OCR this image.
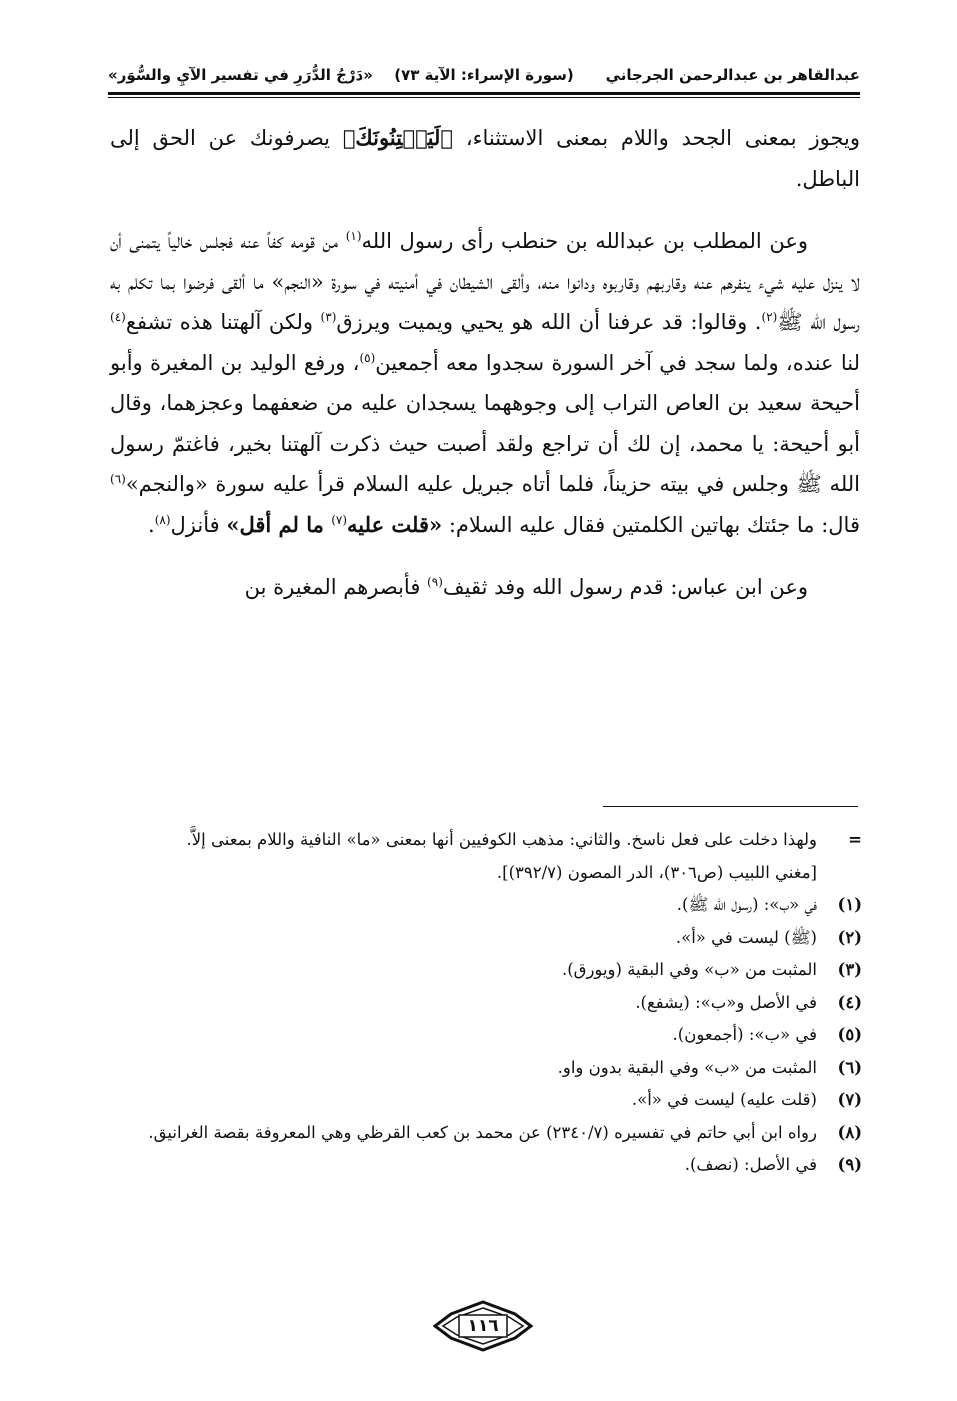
عبدالقاهر بن عبدالرحمن الجرجاني
(سورة الإسراء: الآية ٧٣)
«دَرْجُ الدُّرَرِ في تفسير الآيِ والسُّوَر»

ويجوز بمعنى الجحد واللام بمعنى الاستثناء، ﴿لَيَفۡتِنُونَكَ﴾ يصرفونك عن الحق إلى الباطل.

وعن المطلب بن عبدالله بن حنطب رأى رسول الله$^{(١)}$ من قومه كفاً عنه فجلس خالياً يتمنى أن لا ينزل عليه شيء ينفرهم عنه وقاربهم وقاربوه ودانوا منه، وألقى الشيطان في أمنيته في سورة «النجم» ما ألقى فرضوا بما تكلم به رسول الله ﷺ$^{(٢)}$. وقالوا: قد عرفنا أن الله هو يحيي ويميت ويرزق$^{(٣)}$ ولكن آلهتنا هذه تشفع$^{(٤)}$ لنا عنده، ولما سجد في آخر السورة سجدوا معه أجمعين$^{(٥)}$، ورفع الوليد بن المغيرة وأبو أحيحة سعيد بن العاص التراب إلى وجوههما يسجدان عليه من ضعفهما وعجزهما، وقال أبو أحيحة: يا محمد، إن لك أن تراجع ولقد أصبت حيث ذكرت آلهتنا بخير، فاغتمّ رسول الله ﷺ وجلس في بيته حزيناً، فلما أتاه جبريل عليه السلام قرأ عليه سورة «والنجم»$^{(٦)}$ قال: ما جئتك بهاتين الكلمتين فقال عليه السلام: «قلت عليه$^{(٧)}$ ما لم أقل» فأنزل$^{(٨)}$.

وعن ابن عباس: قدم رسول الله وفد ثقيف$^{(٩)}$ فأبصرهم المغيرة بن

=
ولهذا دخلت على فعل ناسخ. والثاني: مذهب الكوفيين أنها بمعنى «ما» النافية واللام بمعنى إلاَّ.
[مغني اللبيب (ص٣٠٦)، الدر المصون (٣٩٢/٧)].
(١)
في «ب»: (رسول الله ﷺ).
(٢)
(ﷺ) ليست في «أ».
(٣)
المثبت من «ب» وفي البقية (ويورق).
(٤)
في الأصل و«ب»: (يشفع).
(٥)
في «ب»: (أجمعون).
(٦)
المثبت من «ب» وفي البقية بدون واو.
(٧)
(قلت عليه) ليست في «أ».
(٨)
رواه ابن أبي حاتم في تفسيره (٢٣٤٠/٧) عن محمد بن كعب القرظي وهي المعروفة بقصة الغرانيق.
(٩)
في الأصل: (نصف).
١١٦
